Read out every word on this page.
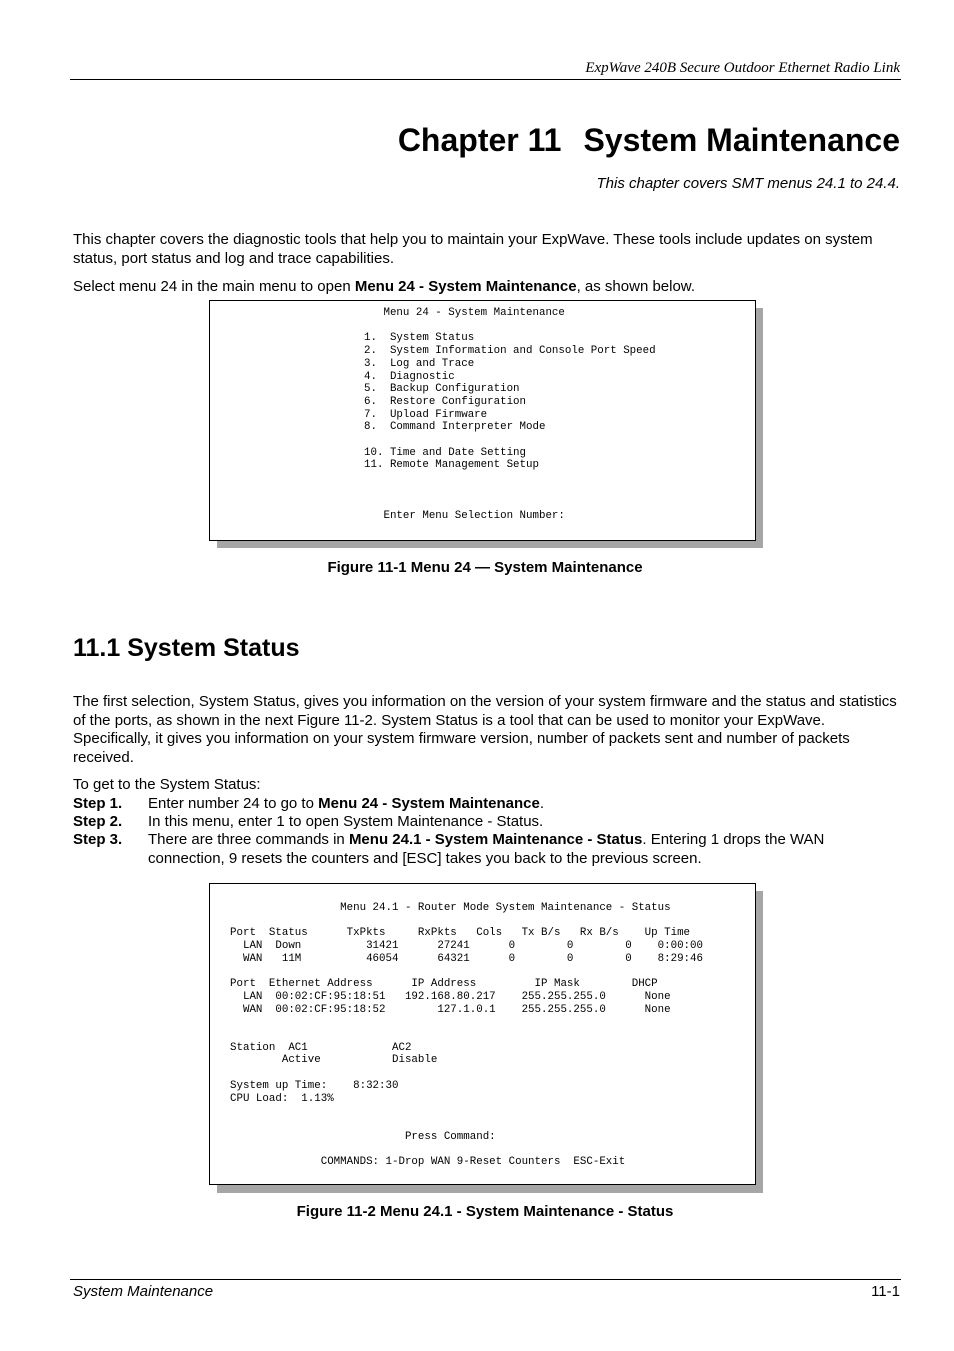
ExpWave 240B Secure Outdoor Ethernet Radio Link
Chapter 11 System Maintenance
This chapter covers SMT menus 24.1 to 24.4.
This chapter covers the diagnostic tools that help you to maintain your ExpWave. These tools include updates on system status, port status and log and trace capabilities.
Select menu 24 in the main menu to open Menu 24 - System Maintenance, as shown below.
Menu 24 - System Maintenance

1.  System Status
2.  System Information and Console Port Speed
3.  Log and Trace
4.  Diagnostic
5.  Backup Configuration
6.  Restore Configuration
7.  Upload Firmware
8.  Command Interpreter Mode

10. Time and Date Setting
11. Remote Management Setup

Enter Menu Selection Number:
Figure 11-1 Menu 24 — System Maintenance
11.1 System Status
The first selection, System Status, gives you information on the version of your system firmware and the status and statistics of the ports, as shown in the next Figure 11-2. System Status is a tool that can be used to monitor your ExpWave. Specifically, it gives you information on your system firmware version, number of packets sent and number of packets received.
To get to the System Status:
Step 1. Enter number 24 to go to Menu 24 - System Maintenance.
Step 2. In this menu, enter 1 to open System Maintenance - Status.
Step 3. There are three commands in Menu 24.1 - System Maintenance - Status. Entering 1 drops the WAN connection, 9 resets the counters and [ESC] takes you back to the previous screen.
Menu 24.1 - Router Mode System Maintenance - Status

Port  Status      TxPkts     RxPkts   Cols   Tx B/s   Rx B/s    Up Time
LAN  Down          31421      27241      0        0        0    0:00:00
WAN   11M          46054      64321      0        0        0    8:29:46

Port  Ethernet Address      IP Address         IP Mask        DHCP
LAN  00:02:CF:95:18:51   192.168.80.217    255.255.255.0      None
WAN  00:02:CF:95:18:52        127.1.0.1    255.255.255.0      None

Station  AC1             AC2
Active           Disable

System up Time:    8:32:30
CPU Load:  1.13%

Press Command:

COMMANDS: 1-Drop WAN 9-Reset Counters  ESC-Exit
Figure 11-2 Menu 24.1 - System Maintenance - Status
System Maintenance	11-1
